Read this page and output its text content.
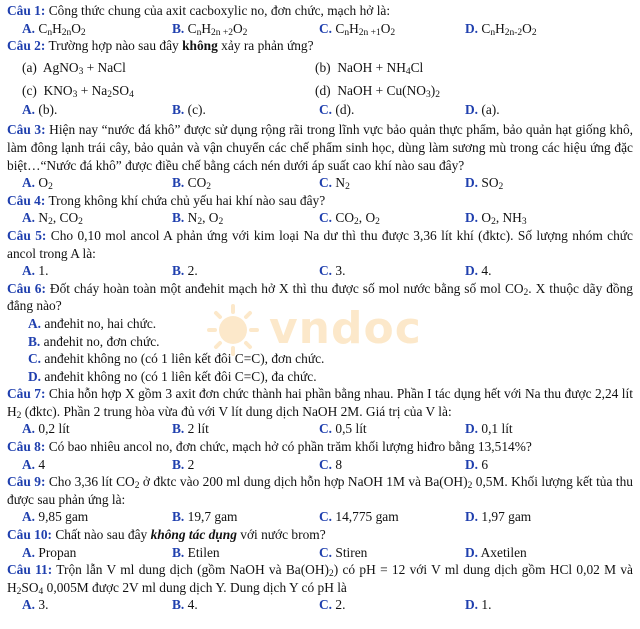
vndoc
Câu 1: Công thức chung của axit cacboxylic no, đơn chức, mạch hở là:
A. $C_nH_{2n}O_2$	B. $C_nH_{2n +2}O_2$	C. $C_nH_{2n +1}O_2$	D. $C_nH_{2n-2}O_2$
Câu 2: Trường hợp nào sau đây không xảy ra phản ứng?
(a) AgNO$_3$ + NaCl	(b) NaOH + $NH_4Cl$
(c) $KNO_3 + Na_2SO_4$	(d) NaOH + $Cu(NO_3)_2$
A. (b).	B. (c).	C. (d).	D. (a).
Câu 3: Hiện nay “nước đá khô” được sử dụng rộng rãi trong lĩnh vực bảo quản thực phẩm, bảo quản hạt giống khô, làm đông lạnh trái cây, bảo quản và vận chuyển các chế phẩm sinh học, dùng làm sương mù trong các hiệu ứng đặc biệt…“Nước đá khô” được điều chế bằng cách nén dưới áp suất cao khí nào sau đây?
A. $O_2$	B. $CO_2$	C. $N_2$	D. $SO_2$
Câu 4: Trong không khí chứa chủ yếu hai khí nào sau đây?
A. $N_2$, $CO_2$	B. $N_2$, $O_2$	C. $CO_2$, $O_2$	D. $O_2$, $NH_3$
Câu 5: Cho 0,10 mol ancol A phản ứng với kim loại Na dư thì thu được 3,36 lít khí (đktc). Số lượng nhóm chức ancol trong A là:
A. 1.	B. 2.	C. 3.	D. 4.
Câu 6: Đốt cháy hoàn toàn một anđehit mạch hở X thì thu được số mol nước bằng số mol $CO_2$. X thuộc dãy đồng đẳng nào?
A. anđehit no, hai chức.
B. anđehit no, đơn chức.
C. anđehit không no (có 1 liên kết đôi C=C), đơn chức.
D. anđehit không no (có 1 liên kết đôi C=C), đa chức.
Câu 7: Chia hỗn hợp X gồm 3 axit đơn chức thành hai phần bằng nhau. Phần I tác dụng hết với Na thu được 2,24 lít $H_2$ (đktc). Phần 2 trung hòa vừa đủ với V lít dung dịch NaOH 2M. Giá trị của V là:
A. 0,2 lít	B. 2 lít	C. 0,5 lít	D. 0,1 lít
Câu 8: Có bao nhiêu ancol no, đơn chức, mạch hở có phần trăm khối lượng hiđro bằng 13,514%?
A. 4	B. 2	C. 8	D. 6
Câu 9: Cho 3,36 lít $CO_2$ ở đktc vào 200 ml dung dịch hỗn hợp NaOH 1M và $Ba(OH)_2$ 0,5M. Khối lượng kết tủa thu được sau phản ứng là:
A. 9,85 gam	B. 19,7 gam	C. 14,775 gam	D. 1,97 gam
Câu 10: Chất nào sau đây không tác dụng với nước brom?
A. Propan	B. Etilen	C. Stiren	D. Axetilen
Câu 11: Trộn lẫn V ml dung dịch (gồm NaOH và $Ba(OH)_2$) có pH = 12 với V ml dung dịch gồm HCl 0,02 M và $H_2SO_4$ 0,005M được 2V ml dung dịch Y. Dung dịch Y có pH là
A. 3.	B. 4.	C. 2.	D. 1.
